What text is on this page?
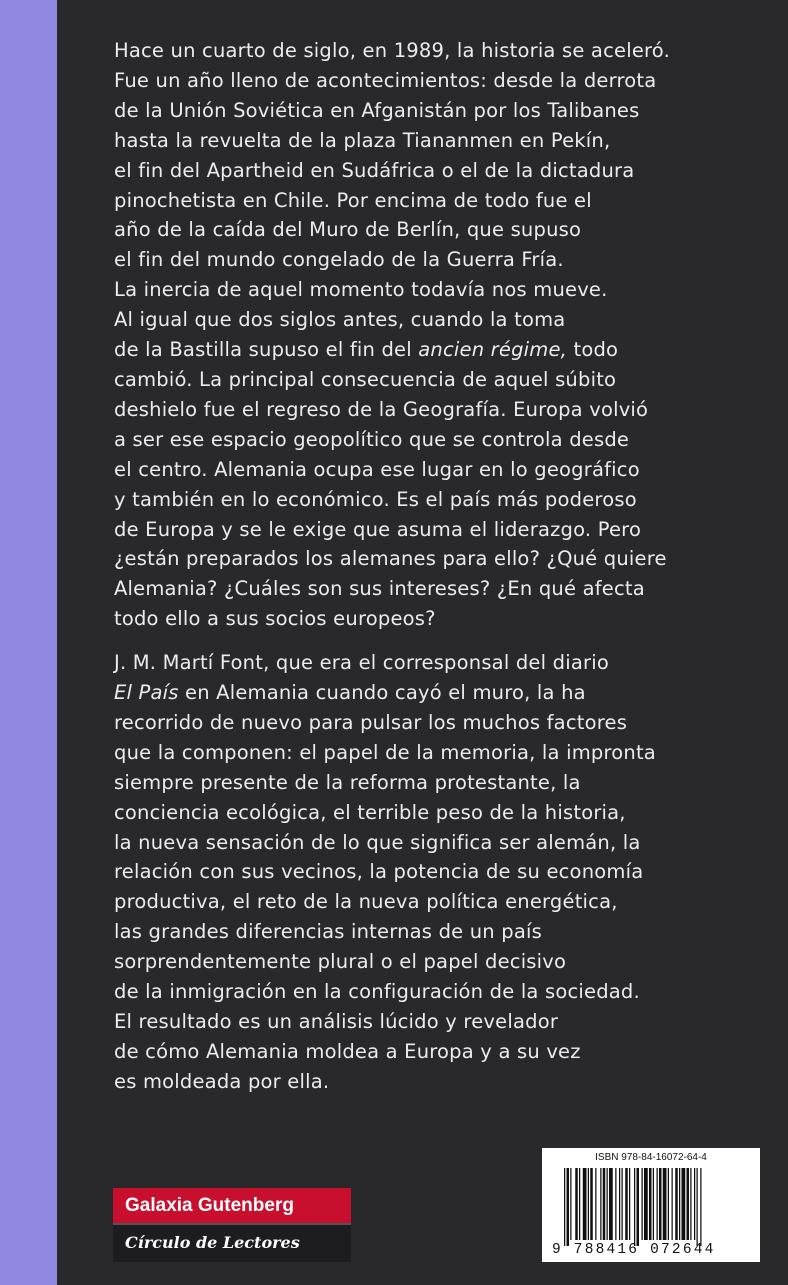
Hace un cuarto de siglo, en 1989, la historia se aceleró.
Fue un año lleno de acontecimientos: desde la derrota
de la Unión Soviética en Afganistán por los Talibanes
hasta la revuelta de la plaza Tiananmen en Pekín,
el fin del Apartheid en Sudáfrica o el de la dictadura
pinochetista en Chile. Por encima de todo fue el
año de la caída del Muro de Berlín, que supuso
el fin del mundo congelado de la Guerra Fría.
La inercia de aquel momento todavía nos mueve.
Al igual que dos siglos antes, cuando la toma
de la Bastilla supuso el fin del ancien régime, todo
cambió. La principal consecuencia de aquel súbito
deshielo fue el regreso de la Geografía. Europa volvió
a ser ese espacio geopolítico que se controla desde
el centro. Alemania ocupa ese lugar en lo geográfico
y también en lo económico. Es el país más poderoso
de Europa y se le exige que asuma el liderazgo. Pero
¿están preparados los alemanes para ello? ¿Qué quiere
Alemania? ¿Cuáles son sus intereses? ¿En qué afecta
todo ello a sus socios europeos?
J. M. Martí Font, que era el corresponsal del diario
El País en Alemania cuando cayó el muro, la ha
recorrido de nuevo para pulsar los muchos factores
que la componen: el papel de la memoria, la impronta
siempre presente de la reforma protestante, la
conciencia ecológica, el terrible peso de la historia,
la nueva sensación de lo que significa ser alemán, la
relación con sus vecinos, la potencia de su economía
productiva, el reto de la nueva política energética,
las grandes diferencias internas de un país
sorprendentemente plural o el papel decisivo
de la inmigración en la configuración de la sociedad.
El resultado es un análisis lúcido y revelador
de cómo Alemania moldea a Europa y a su vez
es moldeada por ella.
Galaxia Gutenberg
Círculo de Lectores
ISBN 978-84-16072-64-4
9 788416 072644
